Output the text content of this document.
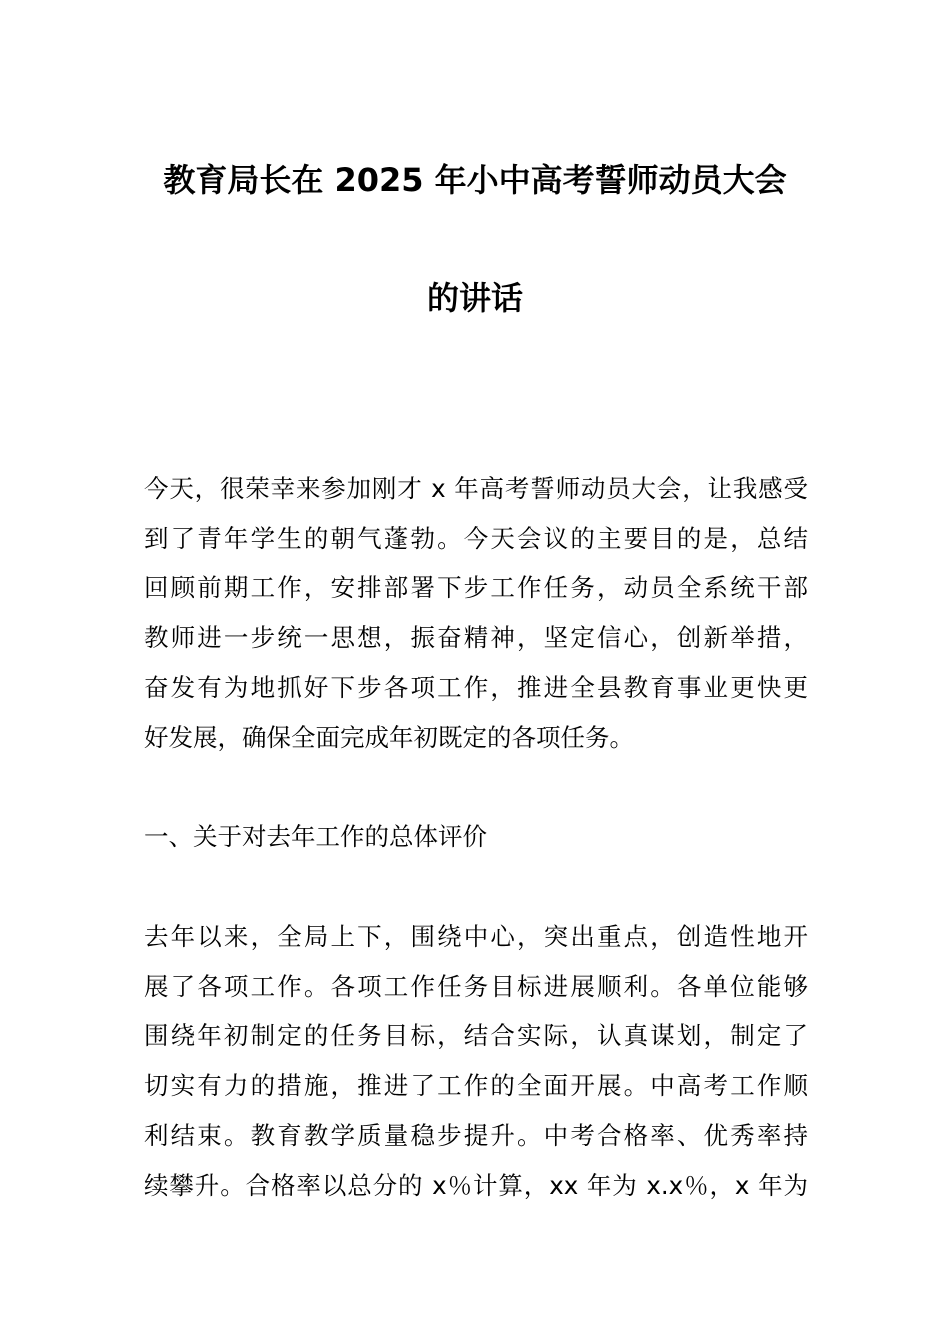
教育局长在 2025 年小中高考誓师动员大会
的讲话
今天，很荣幸来参加刚才 x 年高考誓师动员大会，让我感受
到了青年学生的朝气蓬勃。今天会议的主要目的是，总结
回顾前期工作，安排部署下步工作任务，动员全系统干部
教师进一步统一思想，振奋精神，坚定信心，创新举措，
奋发有为地抓好下步各项工作，推进全县教育事业更快更
好发展，确保全面完成年初既定的各项任务。
一、关于对去年工作的总体评价
去年以来，全局上下，围绕中心，突出重点，创造性地开
展了各项工作。各项工作任务目标进展顺利。各单位能够
围绕年初制定的任务目标，结合实际，认真谋划，制定了
切实有力的措施，推进了工作的全面开展。中高考工作顺
利结束。教育教学质量稳步提升。中考合格率、优秀率持
续攀升。合格率以总分的 x％计算，xx 年为 x.x％，x 年为
